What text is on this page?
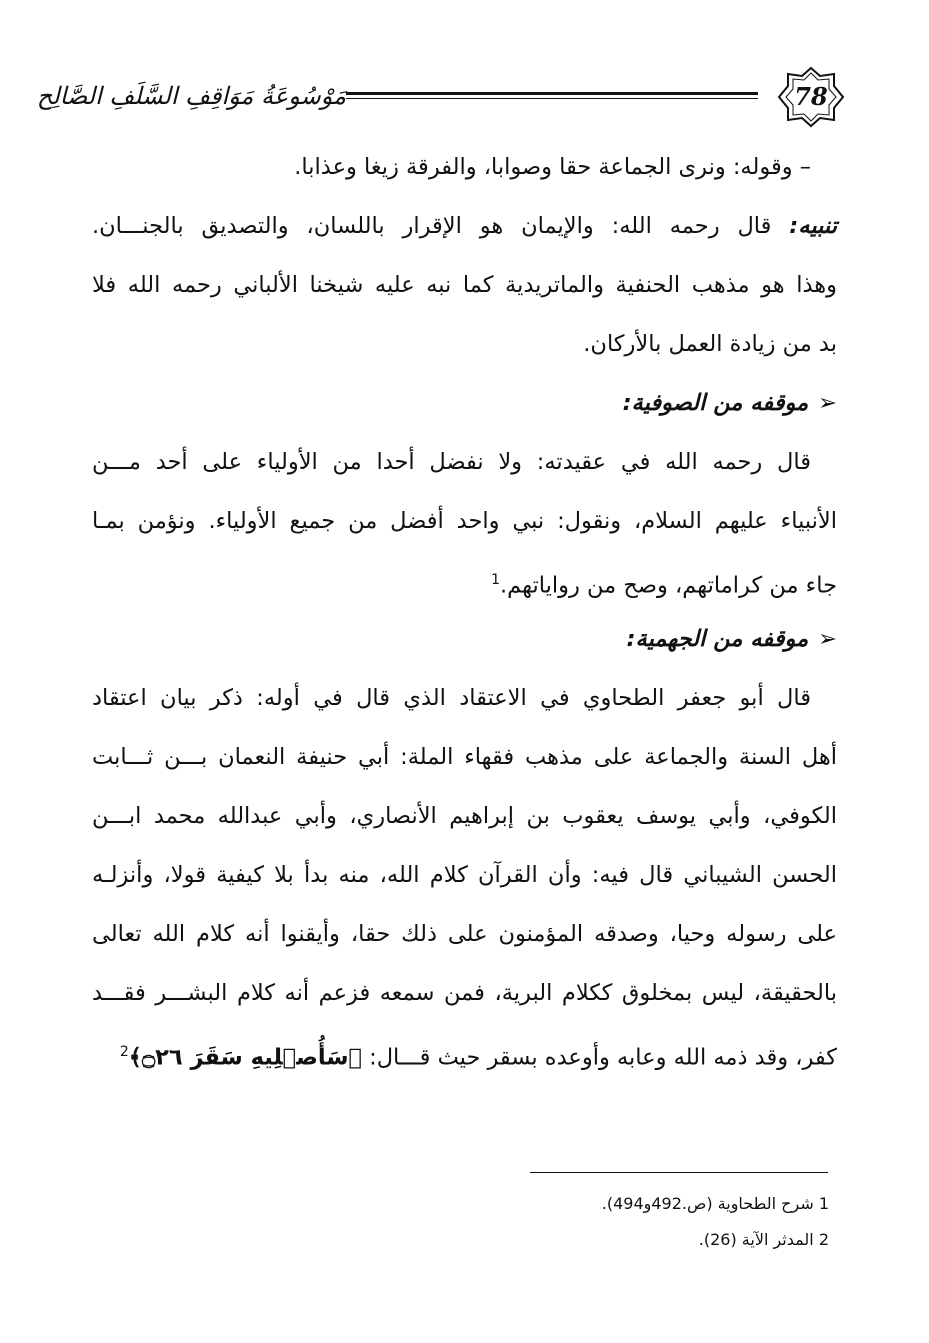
مَوْسُوعَةُ مَوَاقِفِ السَّلَفِ الصَّالِح	78
– وقوله: ونرى الجماعة حقا وصوابا، والفرقة زيغا وعذابا.
تنبيه: قال رحمه الله: والإيمان هو الإقرار باللسان، والتصديق بالجنـــان.
وهذا هو مذهب الحنفية والماتريدية كما نبه عليه شيخنا الألباني رحمه الله فلا
بد من زيادة العمل بالأركان.
➢موقفه من الصوفية:
قال رحمه الله في عقيدته: ولا نفضل أحدا من الأولياء على أحد مـــن
الأنبياء عليهم السلام، ونقول: نبي واحد أفضل من جميع الأولياء. ونؤمن بمـا
جاء من كراماتهم، وصح من رواياتهم.$^1$
➢موقفه من الجهمية:
قال أبو جعفر الطحاوي في الاعتقاد الذي قال في أوله: ذكر بيان اعتقاد
أهل السنة والجماعة على مذهب فقهاء الملة: أبي حنيفة النعمان بـــن ثـــابت
الكوفي، وأبي يوسف يعقوب بن إبراهيم الأنصاري، وأبي عبدالله محمد ابـــن
الحسن الشيباني قال فيه: وأن القرآن كلام الله، منه بدأ بلا كيفية قولا، وأنزلـه
على رسوله وحيا، وصدقه المؤمنون على ذلك حقا، وأيقنوا أنه كلام الله تعالى
بالحقيقة، ليس بمخلوق ككلام البرية، فمن سمعه فزعم أنه كلام البشـــر فقـــد
كفر، وقد ذمه الله وعابه وأوعده بسقر حيث قـــال: ﴿سَأُصۡلِيهِ سَقَرَ ۝٢٦﴾$^2$
1 شرح الطحاوية (ص.492و494).
2 المدثر الآية (26).
